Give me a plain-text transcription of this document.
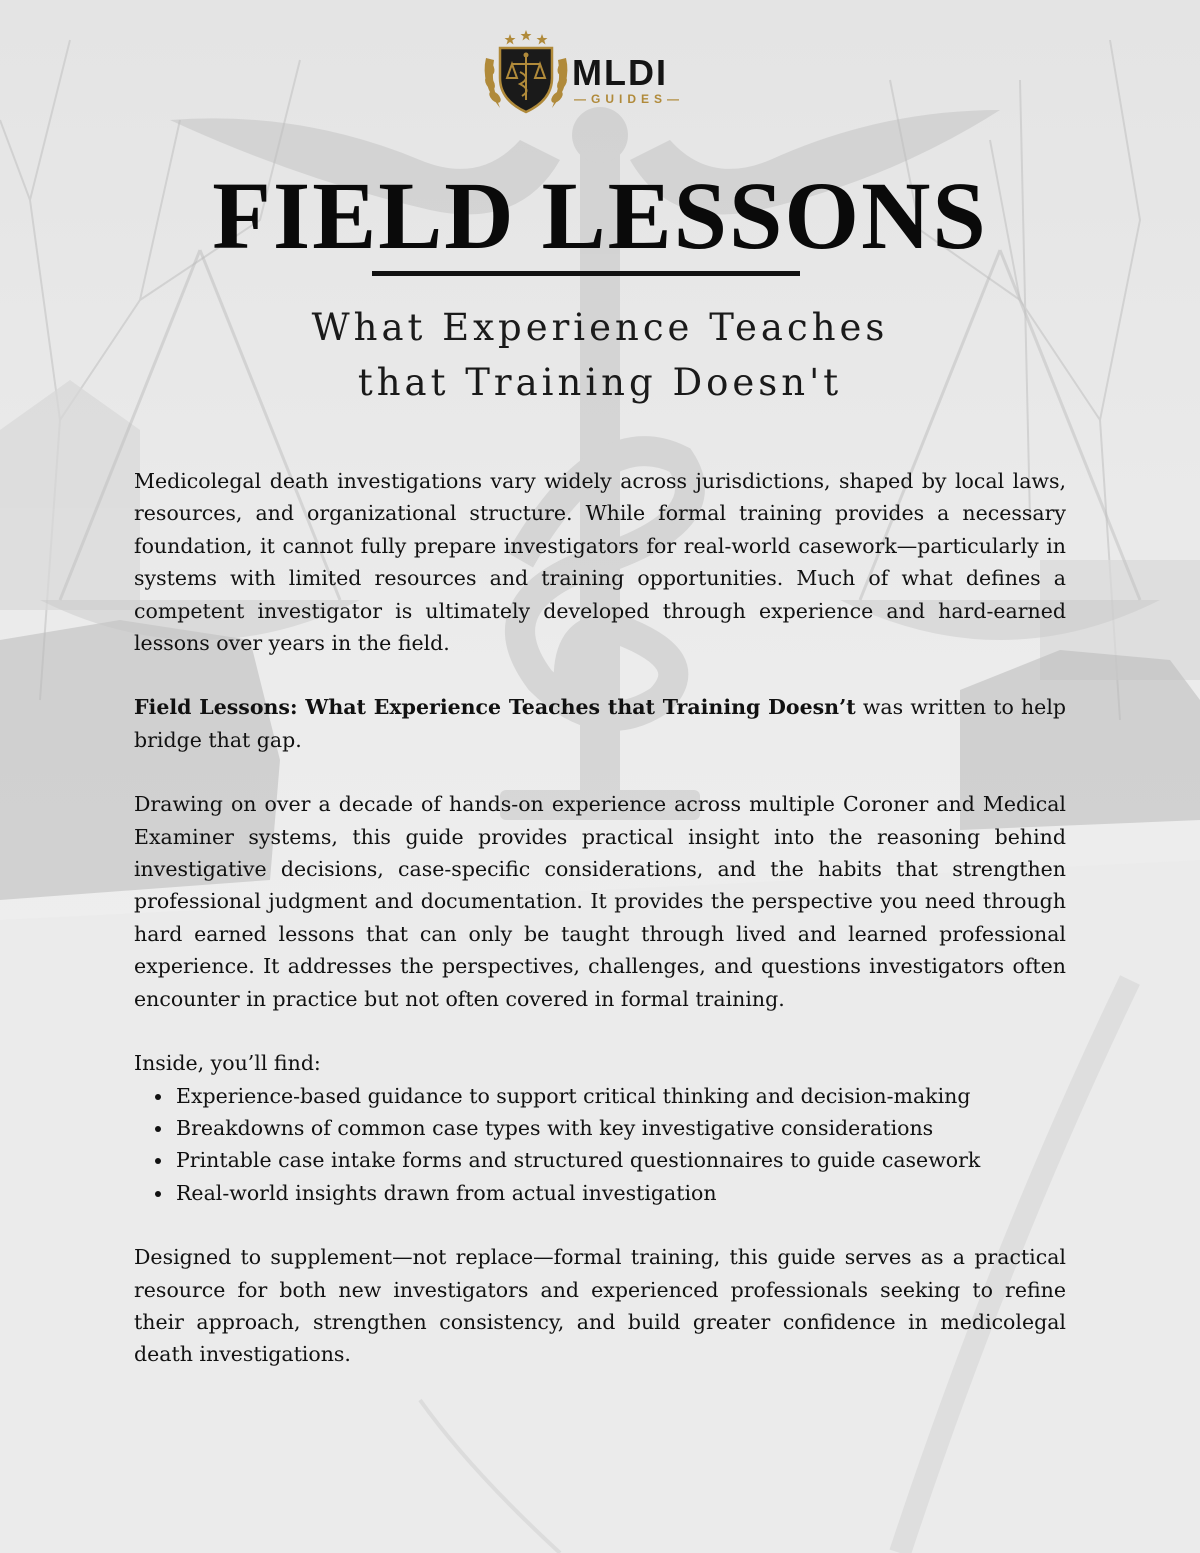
MLDI
—GUIDES—
FIELD LESSONS
What Experience Teaches
that Training Doesn't

Medicolegal death investigations vary widely across jurisdictions, shaped by local laws, resources, and organizational structure. While formal training provides a necessary foundation, it cannot fully prepare investigators for real-world casework—particularly in systems with limited resources and training opportunities. Much of what defines a competent investigator is ultimately developed through experience and hard-earned lessons over years in the field.

Field Lessons: What Experience Teaches that Training Doesn’t was written to help bridge that gap.

Drawing on over a decade of hands-on experience across multiple Coroner and Medical Examiner systems, this guide provides practical insight into the reasoning behind investigative decisions, case-specific considerations, and the habits that strengthen professional judgment and documentation. It provides the perspective you need through hard earned lessons that can only be taught through lived and learned professional experience. It addresses the perspectives, challenges, and questions investigators often encounter in practice but not often covered in formal training.

Inside, you’ll find:
• Experience-based guidance to support critical thinking and decision-making
• Breakdowns of common case types with key investigative considerations
• Printable case intake forms and structured questionnaires to guide casework
• Real-world insights drawn from actual investigation

Designed to supplement—not replace—formal training, this guide serves as a practical resource for both new investigators and experienced professionals seeking to refine their approach, strengthen consistency, and build greater confidence in medicolegal death investigations.
